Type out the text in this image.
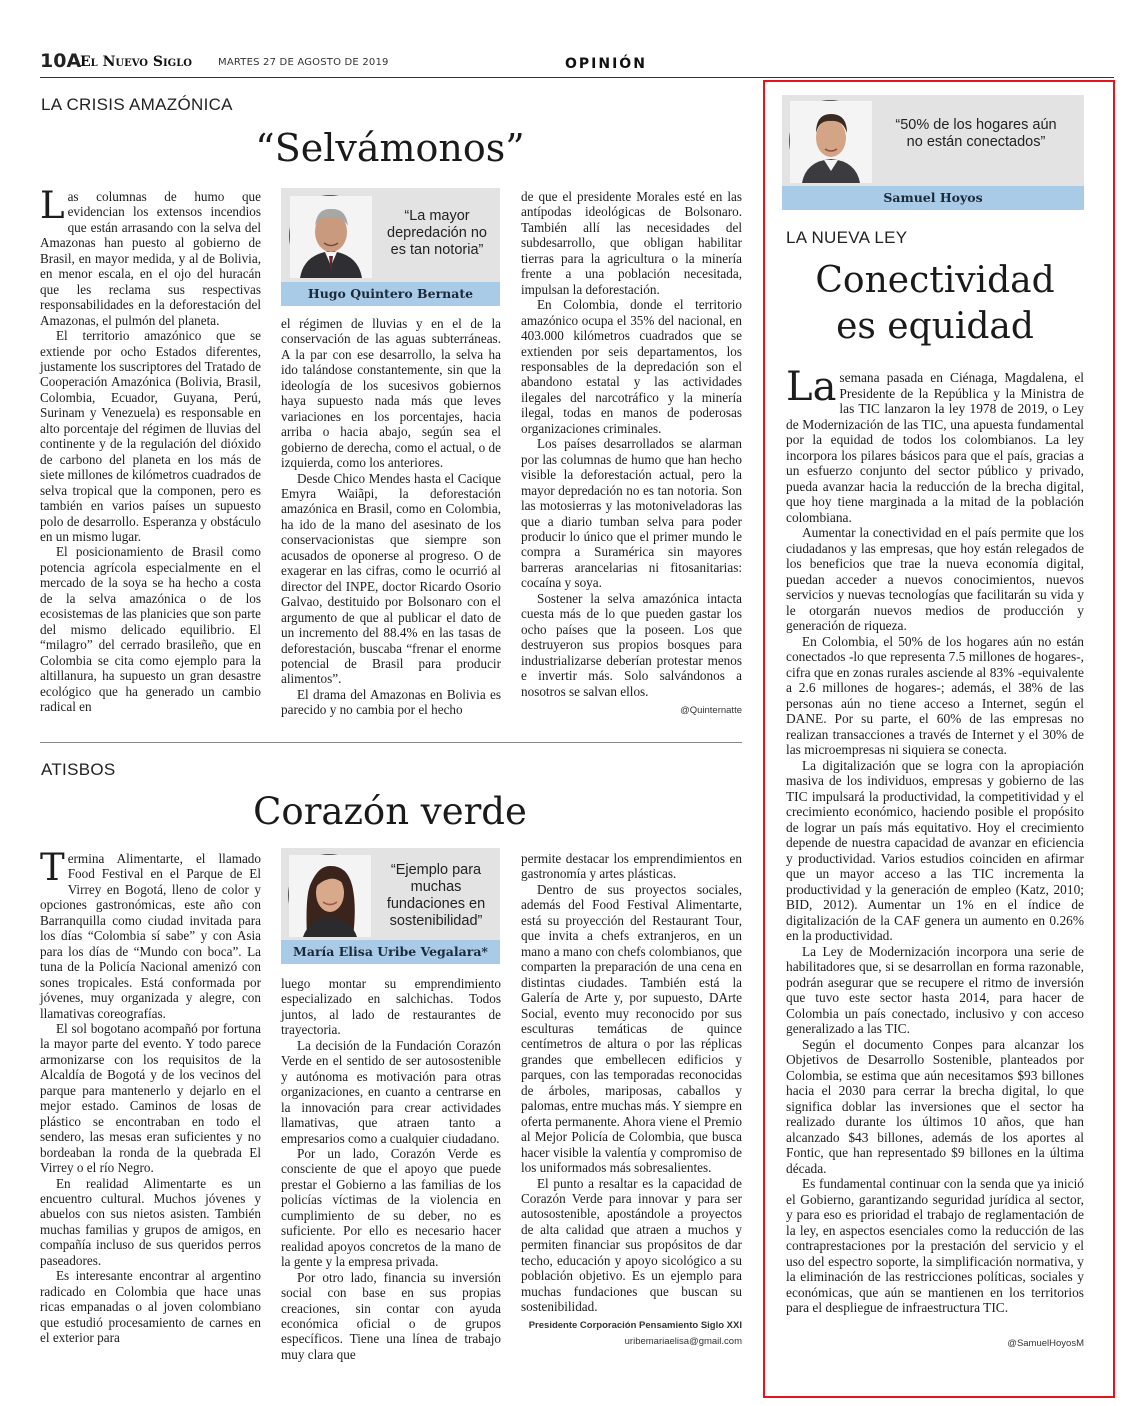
10A
El Nuevo Siglo	MARTES 27 DE AGOSTO DE 2019	OPINIÓN
LA CRISIS AMAZÓNICA
“Selvámonos”

Las columnas de humo que evidencian los extensos incendios que están arrasando con la selva del Amazonas han puesto al gobierno de Brasil, en mayor medida, y al de Bolivia, en menor escala, en el ojo del huracán que les reclama sus respectivas responsabilidades en la deforestación del Amazonas, el pulmón del planeta.

El territorio amazónico que se extiende por ocho Estados diferentes, justamente los suscriptores del Tratado de Cooperación Amazónica (Bolivia, Brasil, Colombia, Ecuador, Guyana, Perú, Surinam y Venezuela) es responsable en alto porcentaje del régimen de lluvias del continente y de la regulación del dióxido de carbono del planeta en los más de siete millones de kilómetros cuadrados de selva tropical que la componen, pero es también en varios países un supuesto polo de desarrollo. Esperanza y obstáculo en un mismo lugar.

El posicionamiento de Brasil como potencia agrícola especialmente en el mercado de la soya se ha hecho a costa de la selva amazónica o de los ecosistemas de las planicies que son parte del mismo delicado equilibrio. El “milagro” del cerrado brasileño, que en Colombia se cita como ejemplo para la altillanura, ha supuesto un gran desastre ecológico que ha generado un cambio radical en

“La mayor depredación no es tan notoria”
Hugo Quintero Bernate

el régimen de lluvias y en el de la conservación de las aguas subterráneas. A la par con ese desarrollo, la selva ha ido talándose constantemente, sin que la ideología de los sucesivos gobiernos haya supuesto nada más que leves variaciones en los porcentajes, hacia arriba o hacia abajo, según sea el gobierno de derecha, como el actual, o de izquierda, como los anteriores.

Desde Chico Mendes hasta el Cacique Emyra Waiãpi, la deforestación amazónica en Brasil, como en Colombia, ha ido de la mano del asesinato de los conservacionistas que siempre son acusados de oponerse al progreso. O de exagerar en las cifras, como le ocurrió al director del INPE, doctor Ricardo Osorio Galvao, destituido por Bolsonaro con el argumento de que al publicar el dato de un incremento del 88.4% en las tasas de deforestación, buscaba “frenar el enorme potencial de Brasil para producir alimentos”.

El drama del Amazonas en Bolivia es parecido y no cambia por el hecho

de que el presidente Morales esté en las antípodas ideológicas de Bolsonaro. También allí las necesidades del subdesarrollo, que obligan habilitar tierras para la agricultura o la minería frente a una población necesitada, impulsan la deforestación.

En Colombia, donde el territorio amazónico ocupa el 35% del nacional, en 403.000 kilómetros cuadrados que se extienden por seis departamentos, los responsables de la depredación son el abandono estatal y las actividades ilegales del narcotráfico y la minería ilegal, todas en manos de poderosas organizaciones criminales.

Los países desarrollados se alarman por las columnas de humo que han hecho visible la deforestación actual, pero la mayor depredación no es tan notoria. Son las motosierras y las motoniveladoras las que a diario tumban selva para poder producir lo único que el primer mundo le compra a Suramérica sin mayores barreras arancelarias ni fitosanitarias: cocaína y soya.

Sostener la selva amazónica intacta cuesta más de lo que pueden gastar los ocho países que la poseen. Los que destruyeron sus propios bosques para industrializarse deberían protestar menos e invertir más. Solo salvándonos a nosotros se salvan ellos.

@Quinternatte
ATISBOS
Corazón verde

Termina Alimentarte, el llamado Food Festival en el Parque de El Virrey en Bogotá, lleno de color y opciones gastronómicas, este año con Barranquilla como ciudad invitada para los días “Colombia sí sabe” y con Asia para los días de “Mundo con boca”. La tuna de la Policía Nacional amenizó con sones tropicales. Está conformada por jóvenes, muy organizada y alegre, con llamativas coreografías.

El sol bogotano acompañó por fortuna la mayor parte del evento. Y todo parece armonizarse con los requisitos de la Alcaldía de Bogotá y de los vecinos del parque para mantenerlo y dejarlo en el mejor estado. Caminos de losas de plástico se encontraban en todo el sendero, las mesas eran suficientes y no bordeaban la ronda de la quebrada El Virrey o el río Negro.

En realidad Alimentarte es un encuentro cultural. Muchos jóvenes y abuelos con sus nietos asisten. También muchas familias y grupos de amigos, en compañía incluso de sus queridos perros paseadores.

Es interesante encontrar al argentino radicado en Colombia que hace unas ricas empanadas o al joven colombiano que estudió procesamiento de carnes en el exterior para

“Ejemplo para muchas fundaciones en sostenibilidad”
María Elisa Uribe Vegalara*

luego montar su emprendimiento especializado en salchichas. Todos juntos, al lado de restaurantes de trayectoria.

La decisión de la Fundación Corazón Verde en el sentido de ser autosostenible y autónoma es motivación para otras organizaciones, en cuanto a centrarse en la innovación para crear actividades llamativas, que atraen tanto a empresarios como a cualquier ciudadano.

Por un lado, Corazón Verde es consciente de que el apoyo que puede prestar el Gobierno a las familias de los policías víctimas de la violencia en cumplimiento de su deber, no es suficiente. Por ello es necesario hacer realidad apoyos concretos de la mano de la gente y la empresa privada.

Por otro lado, financia su inversión social con base en sus propias creaciones, sin contar con ayuda económica oficial o de grupos específicos. Tiene una línea de trabajo muy clara que

permite destacar los emprendimientos en gastronomía y artes plásticas.

Dentro de sus proyectos sociales, además del Food Festival Alimentarte, está su proyección del Restaurant Tour, que invita a chefs extranjeros, en un mano a mano con chefs colombianos, que comparten la preparación de una cena en distintas ciudades. También está la Galería de Arte y, por supuesto, DArte Social, evento muy reconocido por sus esculturas temáticas de quince centímetros de altura o por las réplicas grandes que embellecen edificios y parques, con las temporadas reconocidas de árboles, mariposas, caballos y palomas, entre muchas más. Y siempre en oferta permanente. Ahora viene el Premio al Mejor Policía de Colombia, que busca hacer visible la valentía y compromiso de los uniformados más sobresalientes.

El punto a resaltar es la capacidad de Corazón Verde para innovar y para ser autosostenible, apostándole a proyectos de alta calidad que atraen a muchos y permiten financiar sus propósitos de dar techo, educación y apoyo sicológico a su población objetivo. Es un ejemplo para muchas fundaciones que buscan su sostenibilidad.

Presidente Corporación Pensamiento Siglo XXI
uribemariaelisa@gmail.com
“50% de los hogares aún no están conectados”
Samuel Hoyos
LA NUEVA LEY
Conectividad
es equidad

La semana pasada en Ciénaga, Magdalena, el Presidente de la República y la Ministra de las TIC lanzaron la ley 1978 de 2019, o Ley de Modernización de las TIC, una apuesta fundamental por la equidad de todos los colombianos. La ley incorpora los pilares básicos para que el país, gracias a un esfuerzo conjunto del sector público y privado, pueda avanzar hacia la reducción de la brecha digital, que hoy tiene marginada a la mitad de la población colombiana.

Aumentar la conectividad en el país permite que los ciudadanos y las empresas, que hoy están relegados de los beneficios que trae la nueva economía digital, puedan acceder a nuevos conocimientos, nuevos servicios y nuevas tecnologías que facilitarán su vida y le otorgarán nuevos medios de producción y generación de riqueza.

En Colombia, el 50% de los hogares aún no están conectados -lo que representa 7.5 millones de hogares-, cifra que en zonas rurales asciende al 83% -equivalente a 2.6 millones de hogares-; además, el 38% de las personas aún no tiene acceso a Internet, según el DANE. Por su parte, el 60% de las empresas no realizan transacciones a través de Internet y el 30% de las microempresas ni siquiera se conecta.

La digitalización que se logra con la apropiación masiva de los individuos, empresas y gobierno de las TIC impulsará la productividad, la competitividad y el crecimiento económico, haciendo posible el propósito de lograr un país más equitativo. Hoy el crecimiento depende de nuestra capacidad de avanzar en eficiencia y productividad. Varios estudios coinciden en afirmar que un mayor acceso a las TIC incrementa la productividad y la generación de empleo (Katz, 2010; BID, 2012). Aumentar un 1% en el índice de digitalización de la CAF genera un aumento en 0.26% en la productividad.

La Ley de Modernización incorpora una serie de habilitadores que, si se desarrollan en forma razonable, podrán asegurar que se recupere el ritmo de inversión que tuvo este sector hasta 2014, para hacer de Colombia un país conectado, inclusivo y con acceso generalizado a las TIC.

Según el documento Conpes para alcanzar los Objetivos de Desarrollo Sostenible, planteados por Colombia, se estima que aún necesitamos $93 billones hacia el 2030 para cerrar la brecha digital, lo que significa doblar las inversiones que el sector ha realizado durante los últimos 10 años, que han alcanzado $43 billones, además de los aportes al Fontic, que han representado $9 billones en la última década.

Es fundamental continuar con la senda que ya inició el Gobierno, garantizando seguridad jurídica al sector, y para eso es prioridad el trabajo de reglamentación de la ley, en aspectos esenciales como la reducción de las contraprestaciones por la prestación del servicio y el uso del espectro soporte, la simplificación normativa, y la eliminación de las restricciones políticas, sociales y económicas, que aún se mantienen en los territorios para el despliegue de infraestructura TIC.

@SamuelHoyosM
